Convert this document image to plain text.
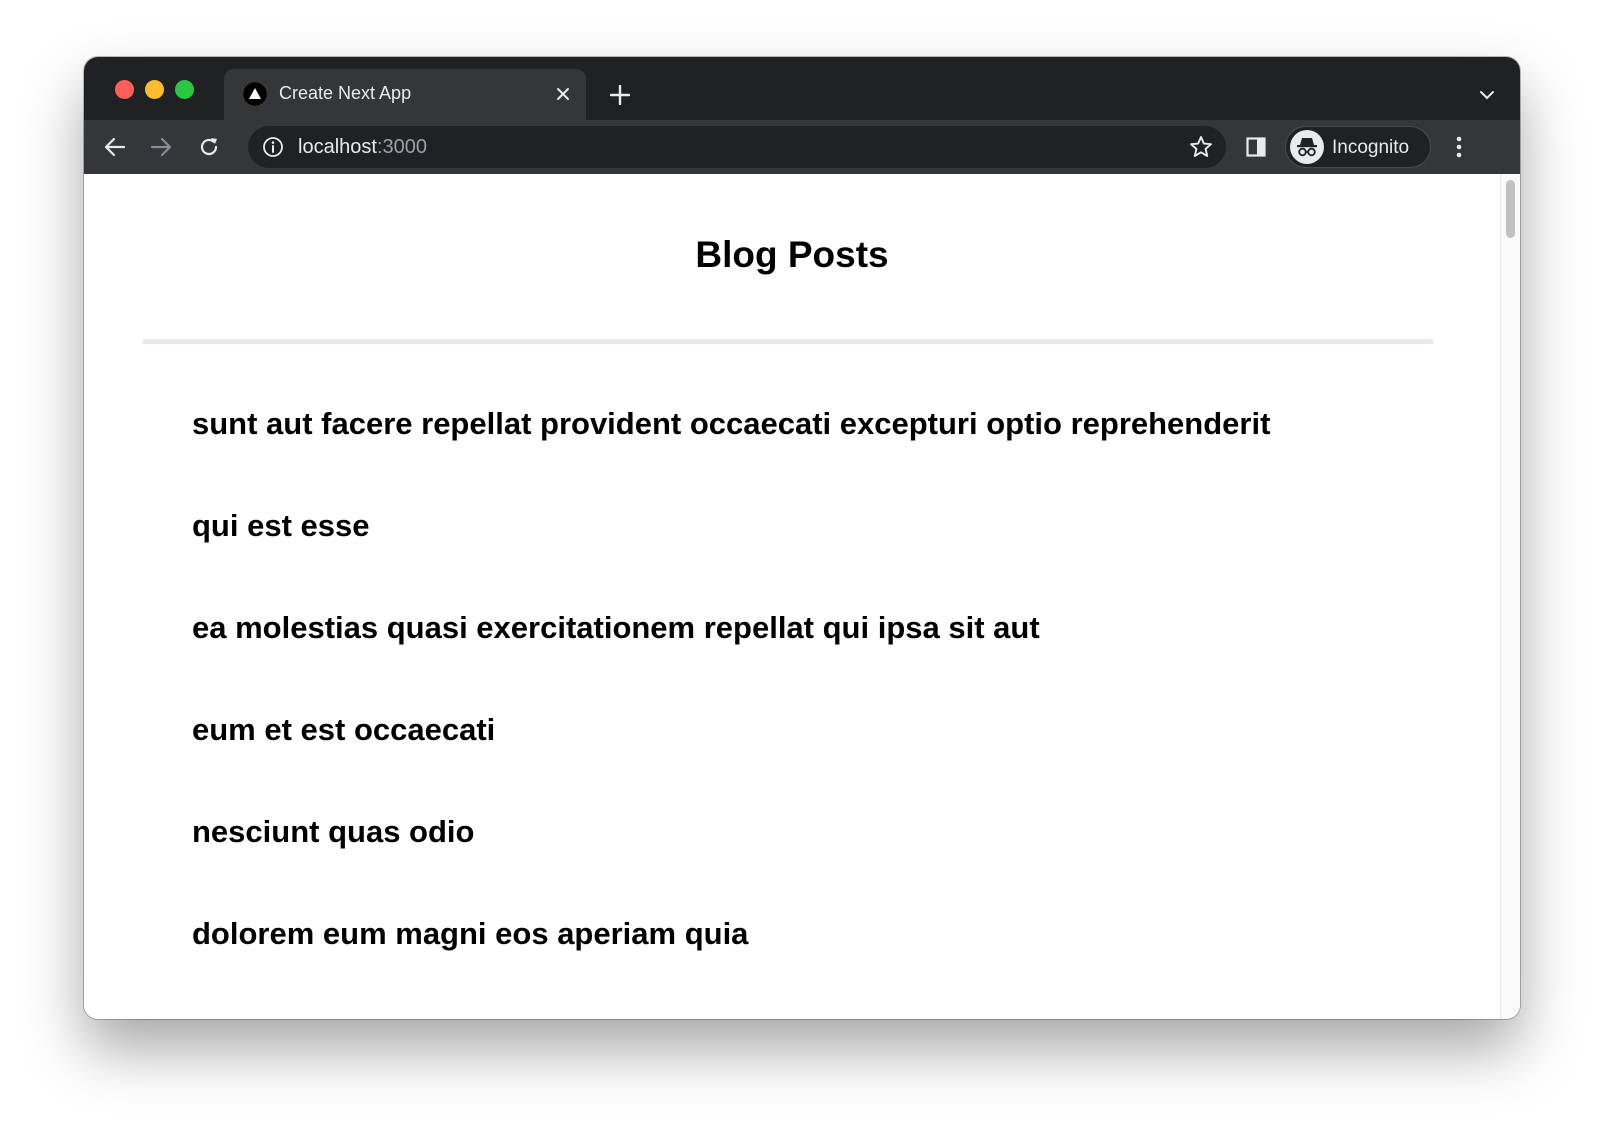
Create Next App
localhost:3000	Incognito
Blog Posts
sunt aut facere repellat provident occaecati excepturi optio reprehenderit
qui est esse
ea molestias quasi exercitationem repellat qui ipsa sit aut
eum et est occaecati
nesciunt quas odio
dolorem eum magni eos aperiam quia
